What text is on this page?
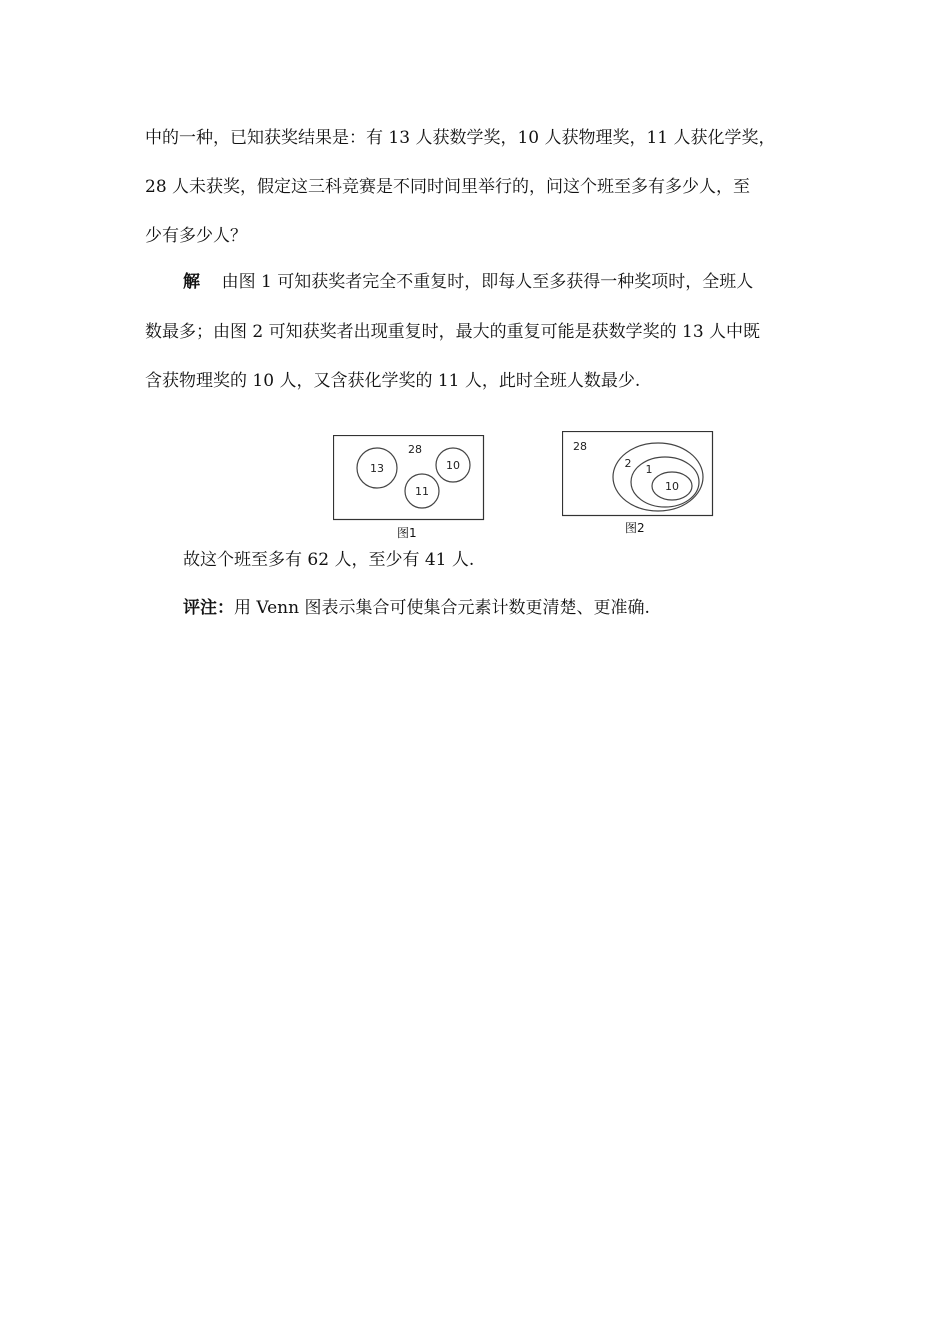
中的一种，已知获奖结果是：有 13 人获数学奖，10 人获物理奖，11 人获化学奖，
28 人未获奖，假定这三科竞赛是不同时间里举行的，问这个班至多有多少人，至
少有多少人？
解 由图 1 可知获奖者完全不重复时，即每人至多获得一种奖项时，全班人
数最多；由图 2 可知获奖者出现重复时，最大的重复可能是获数学奖的 13 人中既
含获物理奖的 10 人，又含获化学奖的 11 人，此时全班人数最少.
28
13	10
11
图1
28
2 1
10
图2
故这个班至多有 62 人，至少有 41 人.
评注：用 Venn 图表示集合可使集合元素计数更清楚、更准确.
